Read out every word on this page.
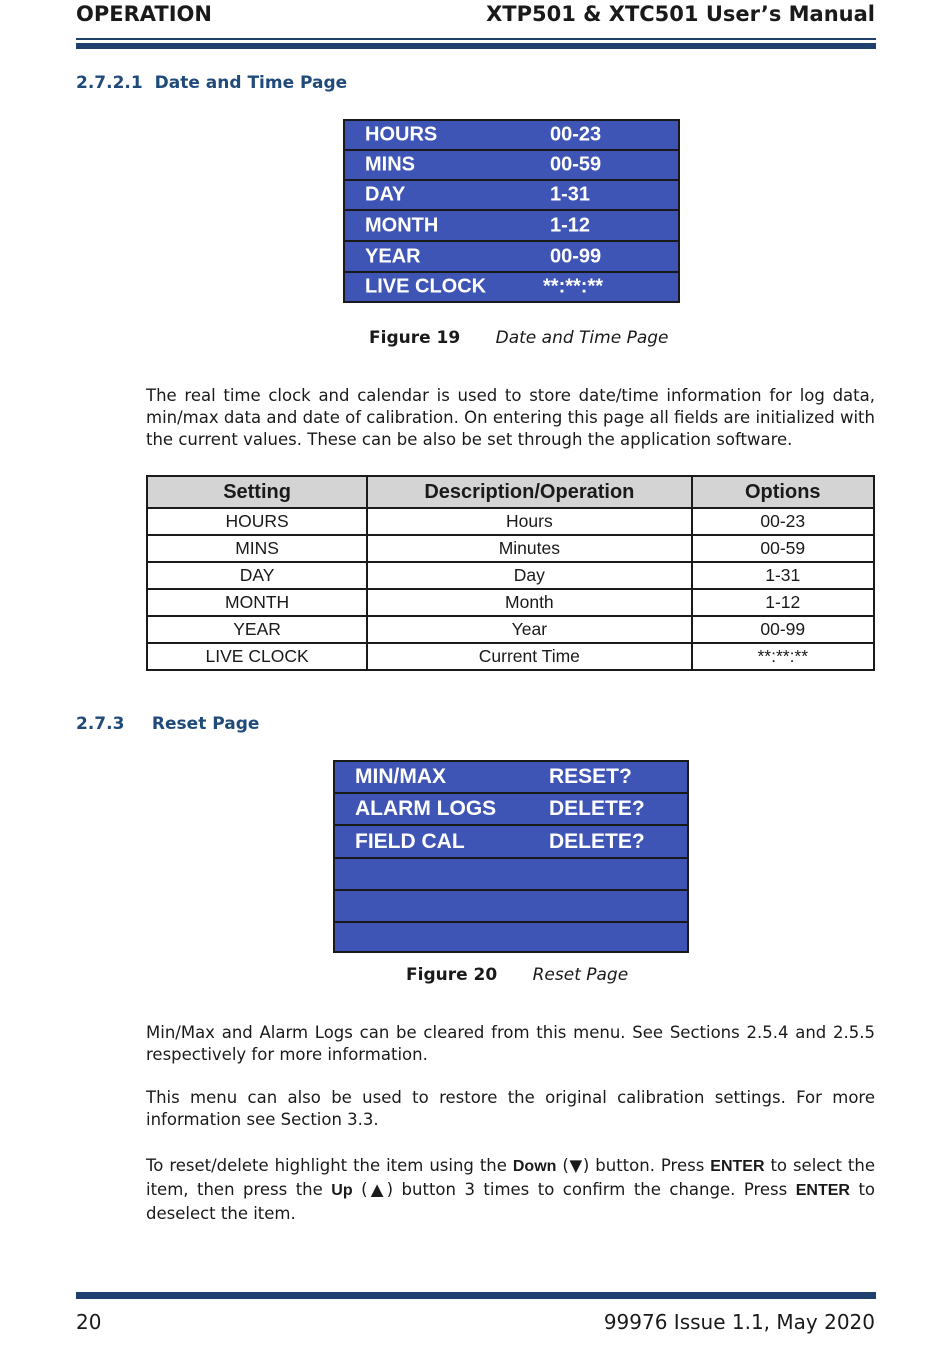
OPERATION	XTP501 & XTC501 User’s Manual
2.7.2.1 Date and Time Page
HOURS	00-23
MINS	00-59
DAY	1-31
MONTH	1-12
YEAR	00-99
LIVE CLOCK	**:**:**
Figure 19 Date and Time Page
The real time clock and calendar is used to store date/time information for log data, min/max data and date of calibration. On entering this page all fields are initialized with the current values. These can be also be set through the application software.
Setting	Description/Operation	Options
HOURS	Hours	00-23
MINS	Minutes	00-59
DAY	Day	1-31
MONTH	Month	1-12
YEAR	Year	00-99
LIVE CLOCK	Current Time	**:**:**
2.7.3 Reset Page
MIN/MAX	RESET?
ALARM LOGS	DELETE?
FIELD CAL	DELETE?
Figure 20 Reset Page
Min/Max and Alarm Logs can be cleared from this menu. See Sections 2.5.4 and 2.5.5 respectively for more information.
This menu can also be used to restore the original calibration settings. For more information see Section 3.3.
To reset/delete highlight the item using the Down (▼) button. Press ENTER to select the item, then press the Up (▲) button 3 times to confirm the change. Press ENTER to deselect the item.
20	99976 Issue 1.1, May 2020
